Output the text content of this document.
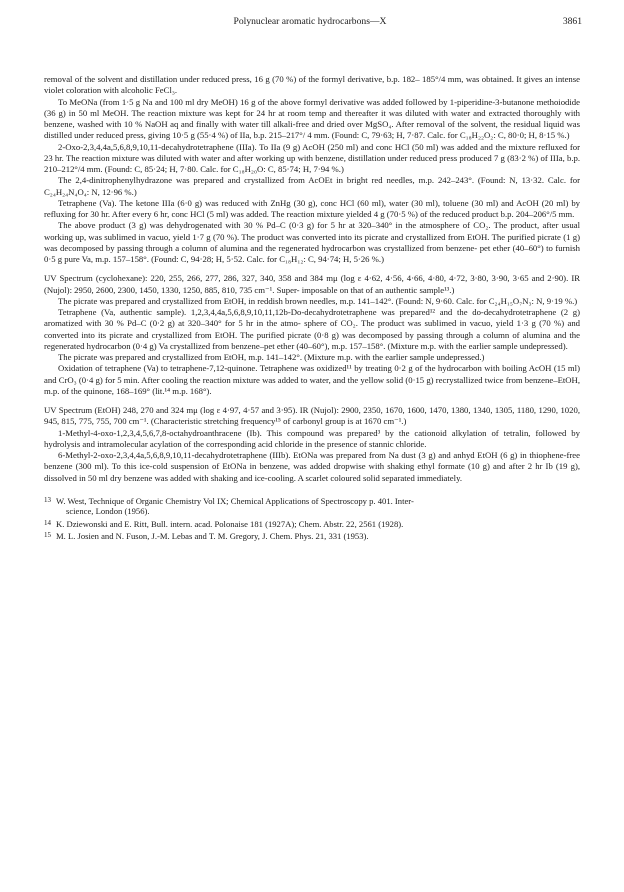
Polynuclear aromatic hydrocarbons—X	3861

removal of the solvent and distillation under reduced press, 16 g (70 %) of the formyl derivative, b.p. 182– 185°/4 mm, was obtained. It gives an intense violet coloration with alcoholic FeCl₃.

To MeONa (from 1·5 g Na and 100 ml dry MeOH) 16 g of the above formyl derivative was added followed by 1-piperidine-3-butanone methoiodide (36 g) in 50 ml MeOH. The reaction mixture was kept for 24 hr at room temp and thereafter it was diluted with water and extracted thoroughly with benzene, washed with 10 % NaOH aq and finally with water till alkali-free and dried over MgSO₄. After removal of the solvent, the residual liquid was distilled under reduced press, giving 10·5 g (55·4 %) of IIa, b.p. 215–217°/ 4 mm. (Found: C, 79·63; H, 7·87. Calc. for C₁₈H₂₂O₂: C, 80·0; H, 8·15 %.)

2-Oxo-2,3,4,4a,5,6,8,9,10,11-decahydrotetraphene (IIIa). To IIa (9 g) AcOH (250 ml) and conc HCl (50 ml) was added and the mixture refluxed for 23 hr. The reaction mixture was diluted with water and after working up with benzene, distillation under reduced press produced 7 g (83·2 %) of IIIa, b.p. 210–212°/4 mm. (Found: C, 85·24; H, 7·80. Calc. for C₁₈H₂₀O: C, 85·74; H, 7·94 %.)

The 2,4-dinitrophenylhydrazone was prepared and crystallized from AcOEt in bright red needles, m.p. 242–243°. (Found: N, 13·32. Calc. for C₂₄H₂₄N₄O₄: N, 12·96 %.)

Tetraphene (Va). The ketone IIIa (6·0 g) was reduced with ZnHg (30 g), conc HCl (60 ml), water (30 ml), toluene (30 ml) and AcOH (20 ml) by refluxing for 30 hr. After every 6 hr, conc HCl (5 ml) was added. The reaction mixture yielded 4 g (70·5 %) of the reduced product b.p. 204–206°/5 mm.

The above product (3 g) was dehydrogenated with 30 % Pd–C (0·3 g) for 5 hr at 320–340° in the atmosphere of CO₂. The product, after usual working up, was sublimed in vacuo, yield 1·7 g (70 %). The product was converted into its picrate and crystallized from EtOH. The purified picrate (1 g) was decomposed by passing through a column of alumina and the regenerated hydrocarbon was crystallized from benzene- pet ether (40–60°) to furnish 0·5 g pure Va, m.p. 157–158°. (Found: C, 94·28; H, 5·52. Calc. for C₁₈H₁₂: C, 94·74; H, 5·26 %.)

UV Spectrum (cyclohexane): 220, 255, 266, 277, 286, 327, 340, 358 and 384 mμ (log ε 4·62, 4·56, 4·66, 4·80, 4·72, 3·80, 3·90, 3·65 and 2·90). IR (Nujol): 2950, 2600, 2300, 1450, 1330, 1250, 885, 810, 735 cm⁻¹. Super- imposable on that of an authentic sample¹³.)

The picrate was prepared and crystallized from EtOH, in reddish brown needles, m.p. 141–142°. (Found: N, 9·60. Calc. for C₂₄H₁₅O₇N₃: N, 9·19 %.)

Tetraphene (Va, authentic sample). 1,2,3,4,4a,5,6,8,9,10,11,12b-Do-decahydrotetraphene was prepared¹² and the do-decahydrotetraphene (2 g) aromatized with 30 % Pd–C (0·2 g) at 320–340° for 5 hr in the atmo- sphere of CO₂. The product was sublimed in vacuo, yield 1·3 g (70 %) and converted into its picrate and crystallized from EtOH. The purified picrate (0·8 g) was decomposed by passing through a column of alumina and the regenerated hydrocarbon (0·4 g) Va crystallized from benzene–pet ether (40–60°), m.p. 157–158°. (Mixture m.p. with the earlier sample undepressed).

The picrate was prepared and crystallized from EtOH, m.p. 141–142°. (Mixture m.p. with the earlier sample undepressed.)

Oxidation of tetraphene (Va) to tetraphene-7,12-quinone. Tetraphene was oxidized¹¹ by treating 0·2 g of the hydrocarbon with boiling AcOH (15 ml) and CrO₃ (0·4 g) for 5 min. After cooling the reaction mixture was added to water, and the yellow solid (0·15 g) recrystallized twice from benzene–EtOH, m.p. of the quinone, 168–169° (lit.¹⁴ m.p. 168°).

UV Spectrum (EtOH) 248, 270 and 324 mμ (log ε 4·97, 4·57 and 3·95). IR (Nujol): 2900, 2350, 1670, 1600, 1470, 1380, 1340, 1305, 1180, 1290, 1020, 945, 815, 775, 755, 700 cm⁻¹. (Characteristic stretching frequency¹⁵ of carbonyl group is at 1670 cm⁻¹.)

1-Methyl-4-oxo-1,2,3,4,5,6,7,8-octahydroanthracene (Ib). This compound was prepared³ by the cationoid alkylation of tetralin, followed by hydrolysis and intramolecular acylation of the corresponding acid chloride in the presence of stannic chloride.

6-Methyl-2-oxo-2,3,4,4a,5,6,8,9,10,11-decahydrotetraphene (IIIb). EtONa was prepared from Na dust (3 g) and anhyd EtOH (6 g) in thiophene-free benzene (300 ml). To this ice-cold suspension of EtONa in benzene, was added dropwise with shaking ethyl formate (10 g) and after 2 hr Ib (19 g), dissolved in 50 ml dry benzene was added with shaking and ice-cooling. A scarlet coloured solid separated immediately.

13 W. West, Technique of Organic Chemistry Vol IX; Chemical Applications of Spectroscopy p. 401. Inter-
science, London (1956).
14 K. Dziewonski and E. Ritt, Bull. intern. acad. Polonaise 181 (1927A); Chem. Abstr. 22, 2561 (1928).
15 M. L. Josien and N. Fuson, J.-M. Lebas and T. M. Gregory, J. Chem. Phys. 21, 331 (1953).
